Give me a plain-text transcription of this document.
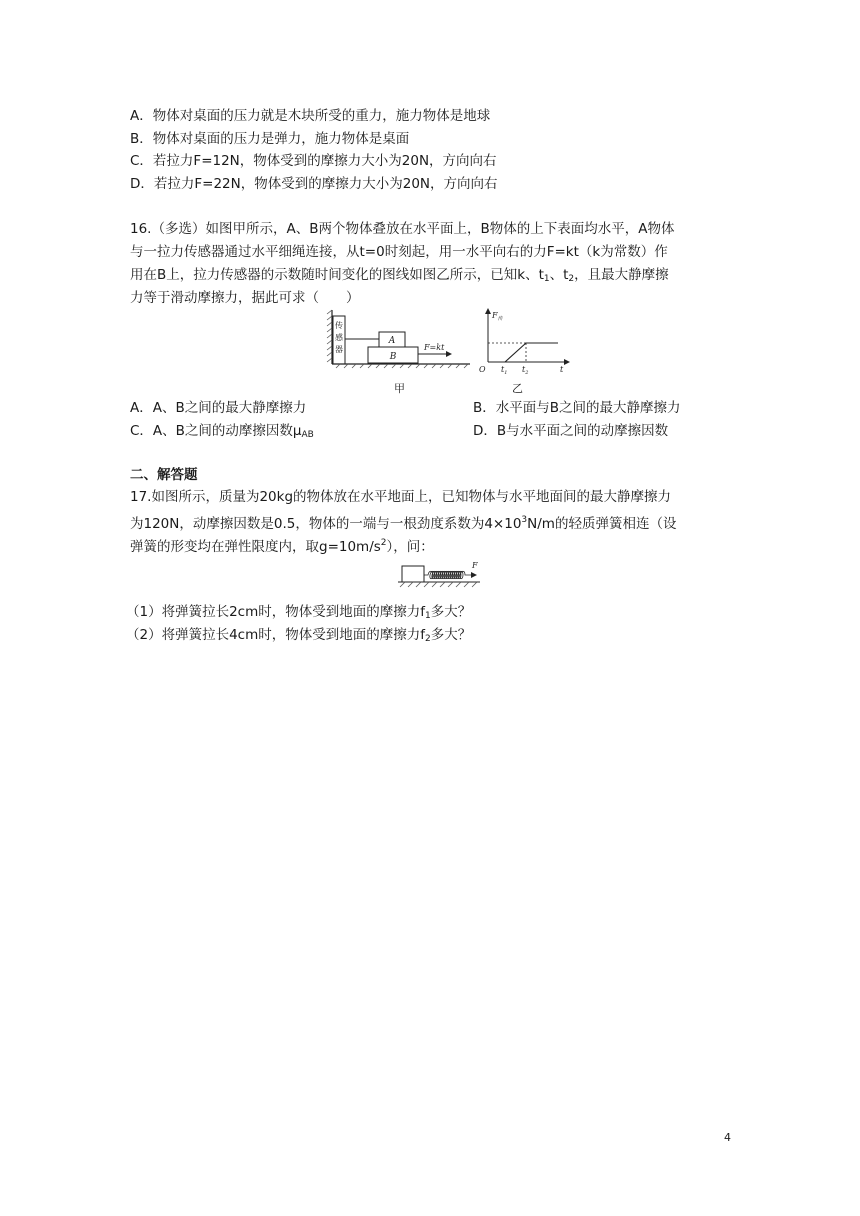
A．物体对桌面的压力就是木块所受的重力，施力物体是地球
B．物体对桌面的压力是弹力，施力物体是桌面
C．若拉力F=12N，物体受到的摩擦力大小为20N，方向向右
D．若拉力F=22N，物体受到的摩擦力大小为20N，方向向右
16.（多选）如图甲所示，A、B两个物体叠放在水平面上，B物体的上下表面均水平，A物体
与一拉力传感器通过水平细绳连接，从t=0时刻起，用一水平向右的力F=kt（k为常数）作
用在B上，拉力传感器的示数随时间变化的图线如图乙所示，已知k、$t_1$、$t_2$，且最大静摩擦
力等于滑动摩擦力，据此可求（　　）
传
感
器
A
B
F=kt
甲
$F_传$
O	t
$t_1$ $t_2$
乙
A．A、B之间的最大静摩擦力	B．水平面与B之间的最大静摩擦力
C．A、B之间的动摩擦因数$\mu_{AB}$	D．B与水平面之间的动摩擦因数
二、解答题
17.如图所示，质量为20kg的物体放在水平地面上，已知物体与水平地面间的最大静摩擦力
为120N，动摩擦因数是0.5，物体的一端与一根劲度系数为$4\times 10^3N/m$的轻质弹簧相连（设
弹簧的形变均在弹性限度内，取$g=10m/s^2$），问：
F
（1）将弹簧拉长2cm时，物体受到地面的摩擦力$f_1$多大？
（2）将弹簧拉长4cm时，物体受到地面的摩擦力$f_2$多大？
4
